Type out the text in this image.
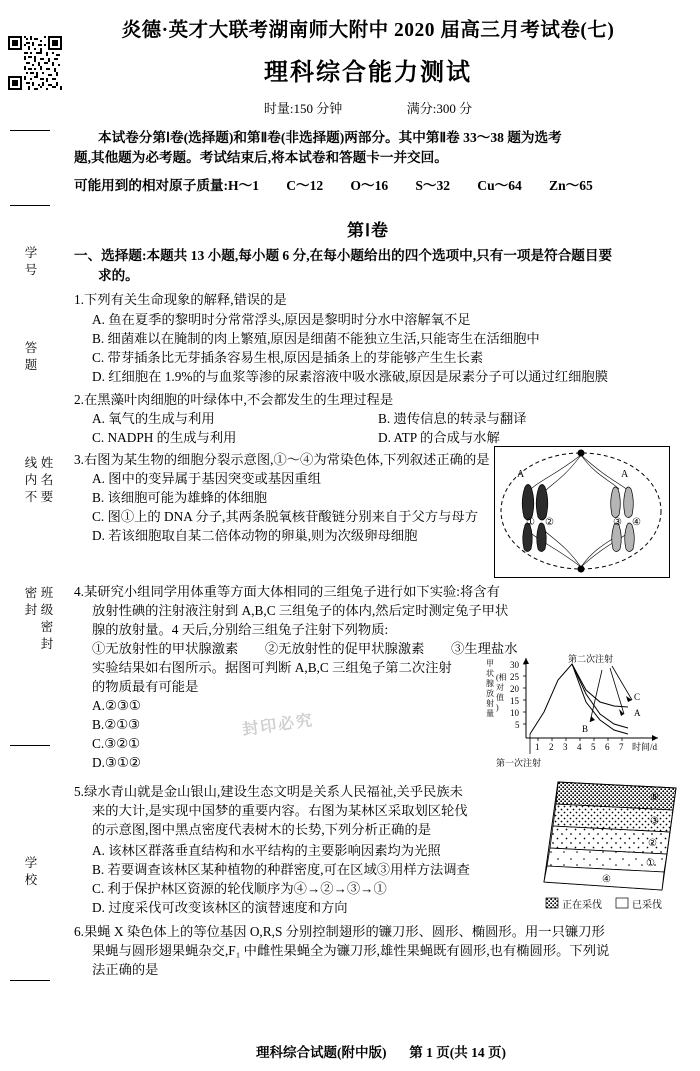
学 号
答 题
姓 名 要
线 内 不
班 级 密 封
密 封
学 校
炎德·英才大联考湖南师大附中 2020 届高三月考试卷(七)
理科综合能力测试
时量:150 分钟	满分:300 分
本试卷分第Ⅰ卷(选择题)和第Ⅱ卷(非选择题)两部分。其中第Ⅱ卷 33～38 题为选考
题,其他题为必考题。考试结束后,将本试卷和答题卡一并交回。
可能用到的相对原子质量:H～1　　C～12　　O～16　　S～32　　Cu～64　　Zn～65
第Ⅰ卷
一、选择题:本题共 13 小题,每小题 6 分,在每小题给出的四个选项中,只有一项是符合题目要
求的。
1.下列有关生命现象的解释,错误的是
A. 鱼在夏季的黎明时分常常浮头,原因是黎明时分水中溶解氧不足
B. 细菌难以在腌制的肉上繁殖,原因是细菌不能独立生活,只能寄生在活细胞中
C. 带芽插条比无芽插条容易生根,原因是插条上的芽能够产生生长素
D. 红细胞在 1.9%的与血浆等渗的尿素溶液中吸水涨破,原因是尿素分子可以通过红细胞膜
2.在黑藻叶肉细胞的叶绿体中,不会都发生的生理过程是
A. 氧气的生成与利用	B. 遗传信息的转录与翻译
C. NADPH 的生成与利用	D. ATP 的合成与水解
3.右图为某生物的细胞分裂示意图,①～④为常染色体,下列叙述正确的是
A. 图中的变异属于基因突变或基因重组
B. 该细胞可能为雄蜂的体细胞
C. 图①上的 DNA 分子,其两条脱氧核苷酸链分别来自于父方与母方
D. 若该细胞取自某二倍体动物的卵巢,则为次级卵母细胞
A	A
① ②	③ ④
4.某研究小组同学用体重等方面大体相同的三组兔子进行如下实验:将含有
放射性碘的注射液注射到 A,B,C 三组兔子的体内,然后定时测定兔子甲状
腺的放射量。4 天后,分别给三组兔子注射下列物质:
①无放射性的甲状腺激素　　②无放射性的促甲状腺激素　　③生理盐水
实验结果如右图所示。据图可判断 A,B,C 三组兔子第二次注射
的物质最有可能是
A.②③①
B.②①③
C.③②①
D.③①②
封印必究
甲
状
腺
放
射
量
(相
对
值
)
30
25
20
15
10
5
1 2 3 4 5 6 7 时间/d
第二次注射
C
A
B
第一次注射
5.绿水青山就是金山银山,建设生态文明是关系人民福祉,关乎民族未
来的大计,是实现中国梦的重要内容。右图为某林区采取划区轮伐
的示意图,图中黑点密度代表树木的长势,下列分析正确的是
A. 该林区群落垂直结构和水平结构的主要影响因素均为光照
B. 若要调查该林区某种植物的种群密度,可在区域③用样方法调查
C. 利于保护林区资源的轮伐顺序为④→②→③→①
D. 过度采伐可改变该林区的演替速度和方向
⑤
③
②
①
④
正在采伐	已采伐
6.果蝇 X 染色体上的等位基因 O,R,S 分别控制翅形的镰刀形、圆形、椭圆形。用一只镰刀形
果蝇与圆形翅果蝇杂交,F₁ 中雌性果蝇全为镰刀形,雄性果蝇既有圆形,也有椭圆形。下列说
法正确的是
理科综合试题(附中版) 第 1 页(共 14 页)
